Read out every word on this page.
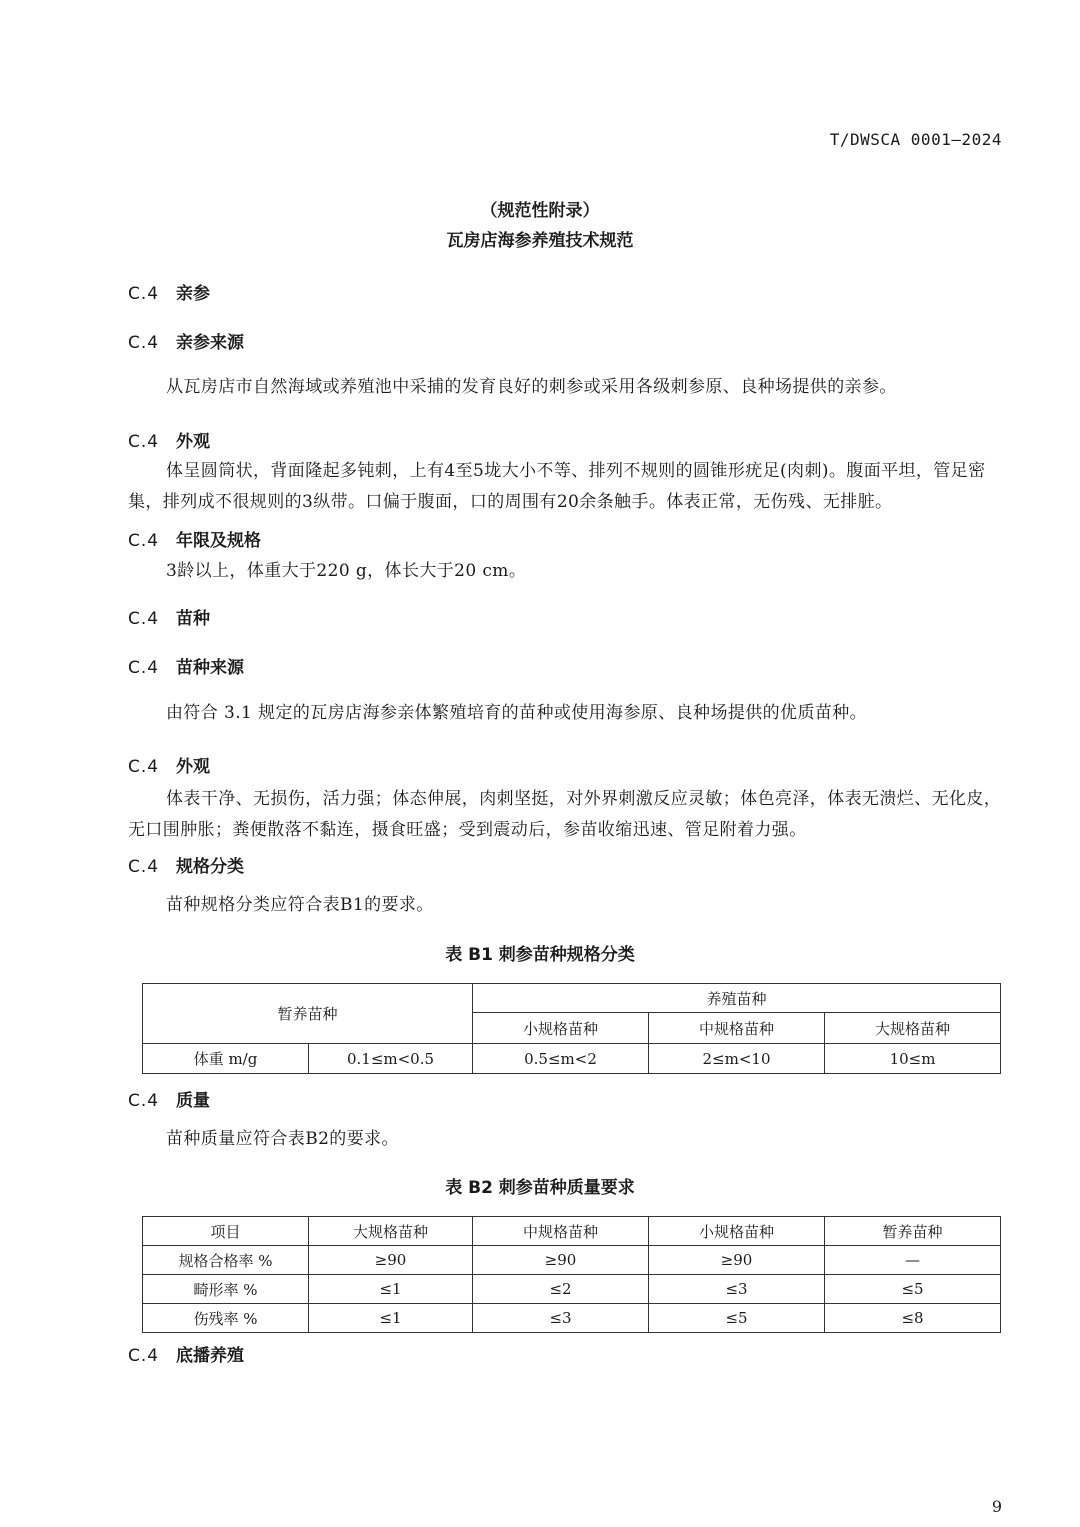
T/DWSCA 0001—2024
（规范性附录）
瓦房店海参养殖技术规范
C.4 亲参
C.4 亲参来源
从瓦房店市自然海域或养殖池中采捕的发育良好的刺参或采用各级刺参原、良种场提供的亲参。
C.4 外观
体呈圆筒状，背面隆起多钝刺，上有4至5垅大小不等、排列不规则的圆锥形疣足(肉刺)。腹面平坦，管足密集，排列成不很规则的3纵带。口偏于腹面，口的周围有20余条触手。体表正常，无伤残、无排脏。
C.4 年限及规格
3龄以上，体重大于220 g，体长大于20 cm。
C.4 苗种
C.4 苗种来源
由符合 3.1 规定的瓦房店海参亲体繁殖培育的苗种或使用海参原、良种场提供的优质苗种。
C.4 外观
体表干净、无损伤，活力强；体态伸展，肉刺坚挺，对外界刺激反应灵敏；体色亮泽，体表无溃烂、无化皮，无口围肿胀；粪便散落不黏连，摄食旺盛；受到震动后，参苗收缩迅速、管足附着力强。
C.4 规格分类
苗种规格分类应符合表B1的要求。
表 B1 刺参苗种规格分类
暂养苗种		养殖苗种		
		小规格苗种	中规格苗种	大规格苗种
体重 m/g	0.1≤m<0.5	0.5≤m<2	2≤m<10	10≤m
C.4 质量
苗种质量应符合表B2的要求。
表 B2 刺参苗种质量要求
项目	大规格苗种	中规格苗种	小规格苗种	暂养苗种
规格合格率 %	≥90	≥90	≥90	—
畸形率 %	≤1	≤2	≤3	≤5
伤残率 %	≤1	≤3	≤5	≤8
C.4 底播养殖
9
